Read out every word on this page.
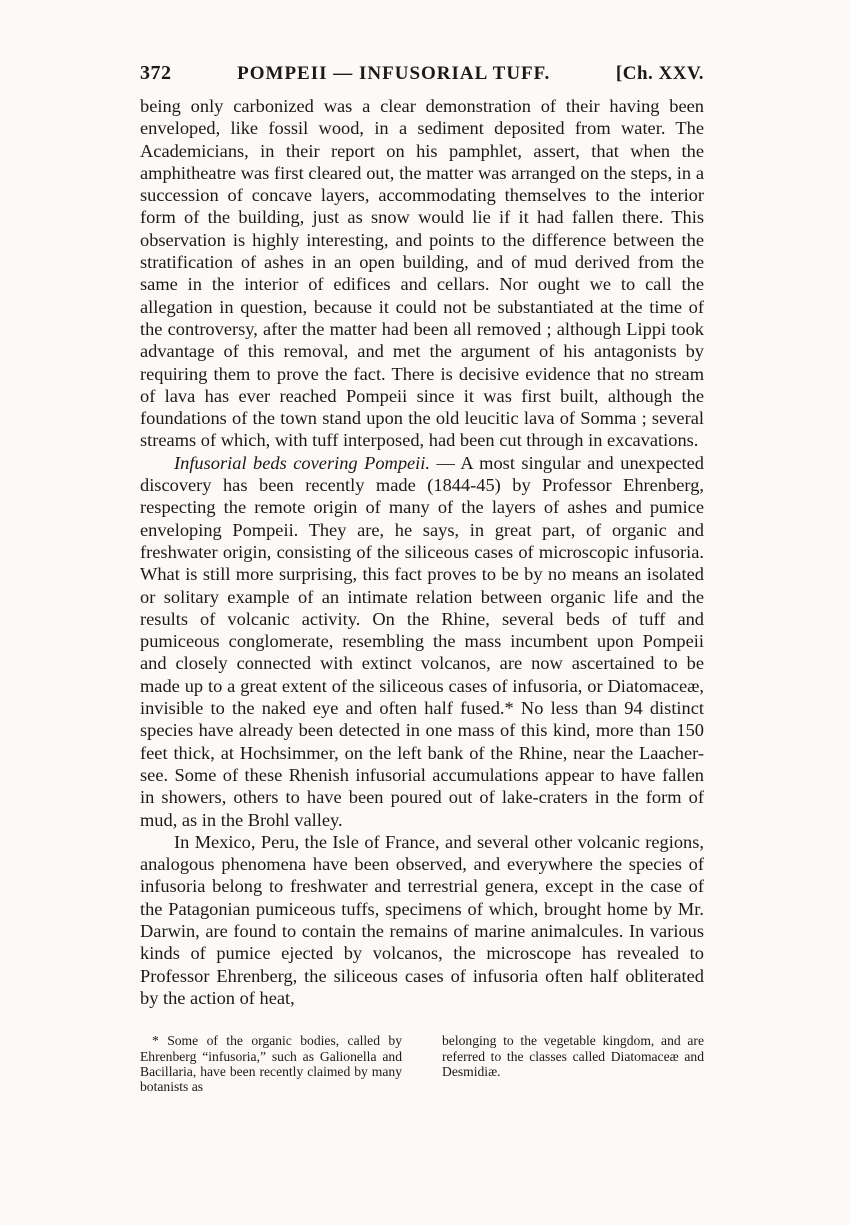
372	POMPEII — INFUSORIAL TUFF.	[Ch. XXV.

being only carbonized was a clear demonstration of their having been enveloped, like fossil wood, in a sediment deposited from water. The Academicians, in their report on his pamphlet, assert, that when the amphitheatre was first cleared out, the matter was arranged on the steps, in a succession of concave layers, accommodating themselves to the interior form of the building, just as snow would lie if it had fallen there. This observation is highly interesting, and points to the difference between the stratification of ashes in an open building, and of mud derived from the same in the interior of edifices and cellars. Nor ought we to call the allegation in question, because it could not be substantiated at the time of the controversy, after the matter had been all removed ; although Lippi took advantage of this removal, and met the argument of his antagonists by requiring them to prove the fact. There is decisive evidence that no stream of lava has ever reached Pompeii since it was first built, although the foundations of the town stand upon the old leucitic lava of Somma ; several streams of which, with tuff interposed, had been cut through in excavations.

Infusorial beds covering Pompeii. — A most singular and unexpected discovery has been recently made (1844-45) by Professor Ehrenberg, respecting the remote origin of many of the layers of ashes and pumice enveloping Pompeii. They are, he says, in great part, of organic and freshwater origin, consisting of the siliceous cases of microscopic infusoria. What is still more surprising, this fact proves to be by no means an isolated or solitary example of an intimate relation between organic life and the results of volcanic activity. On the Rhine, several beds of tuff and pumiceous conglomerate, resembling the mass incumbent upon Pompeii and closely connected with extinct volcanos, are now ascertained to be made up to a great extent of the siliceous cases of infusoria, or Diatomaceæ, invisible to the naked eye and often half fused.* No less than 94 distinct species have already been detected in one mass of this kind, more than 150 feet thick, at Hochsimmer, on the left bank of the Rhine, near the Laacher-see. Some of these Rhenish infusorial accumulations appear to have fallen in showers, others to have been poured out of lake-craters in the form of mud, as in the Brohl valley.

In Mexico, Peru, the Isle of France, and several other volcanic regions, analogous phenomena have been observed, and everywhere the species of infusoria belong to freshwater and terrestrial genera, except in the case of the Patagonian pumiceous tuffs, specimens of which, brought home by Mr. Darwin, are found to contain the remains of marine animalcules. In various kinds of pumice ejected by volcanos, the microscope has revealed to Professor Ehrenberg, the siliceous cases of infusoria often half obliterated by the action of heat,

* Some of the organic bodies, called by Ehrenberg “infusoria,” such as Galionella and Bacillaria, have been recently claimed by many botanists as
belonging to the vegetable kingdom, and are referred to the classes called Diatomaceæ and Desmidiæ.
